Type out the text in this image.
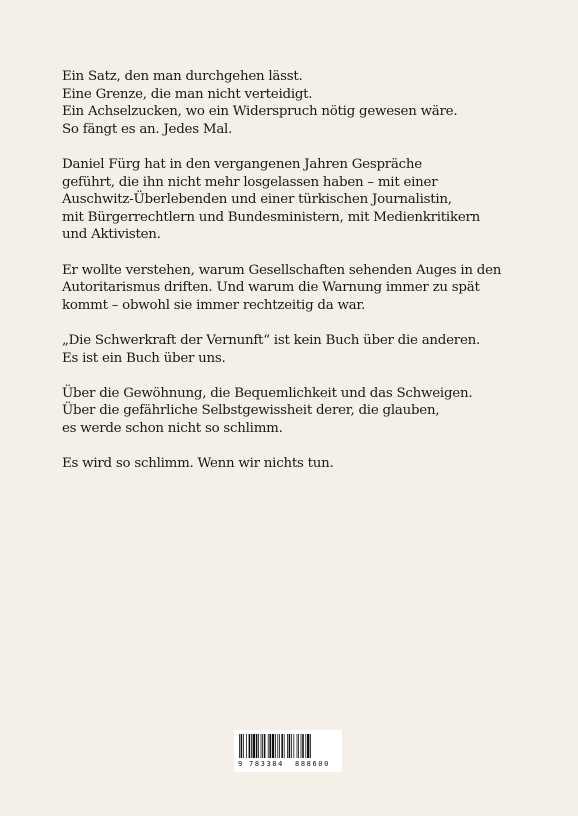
Ein Satz, den man durchgehen lässt.
Eine Grenze, die man nicht verteidigt.
Ein Achselzucken, wo ein Widerspruch nötig gewesen wäre.
So fängt es an. Jedes Mal.

Daniel Fürg hat in den vergangenen Jahren Gespräche
geführt, die ihn nicht mehr losgelassen haben – mit einer
Auschwitz-Überlebenden und einer türkischen Journalistin,
mit Bürgerrechtlern und Bundesministern, mit Medienkritikern
und Aktivisten.

Er wollte verstehen, warum Gesellschaften sehenden Auges in den
Autoritarismus driften. Und warum die Warnung immer zu spät
kommt – obwohl sie immer rechtzeitig da war.

„Die Schwerkraft der Vernunft“ ist kein Buch über die anderen.
Es ist ein Buch über uns.

Über die Gewöhnung, die Bequemlichkeit und das Schweigen.
Über die gefährliche Selbstgewissheit derer, die glauben,
es werde schon nicht so schlimm.

Es wird so schlimm. Wenn wir nichts tun.

9 783384 888600
